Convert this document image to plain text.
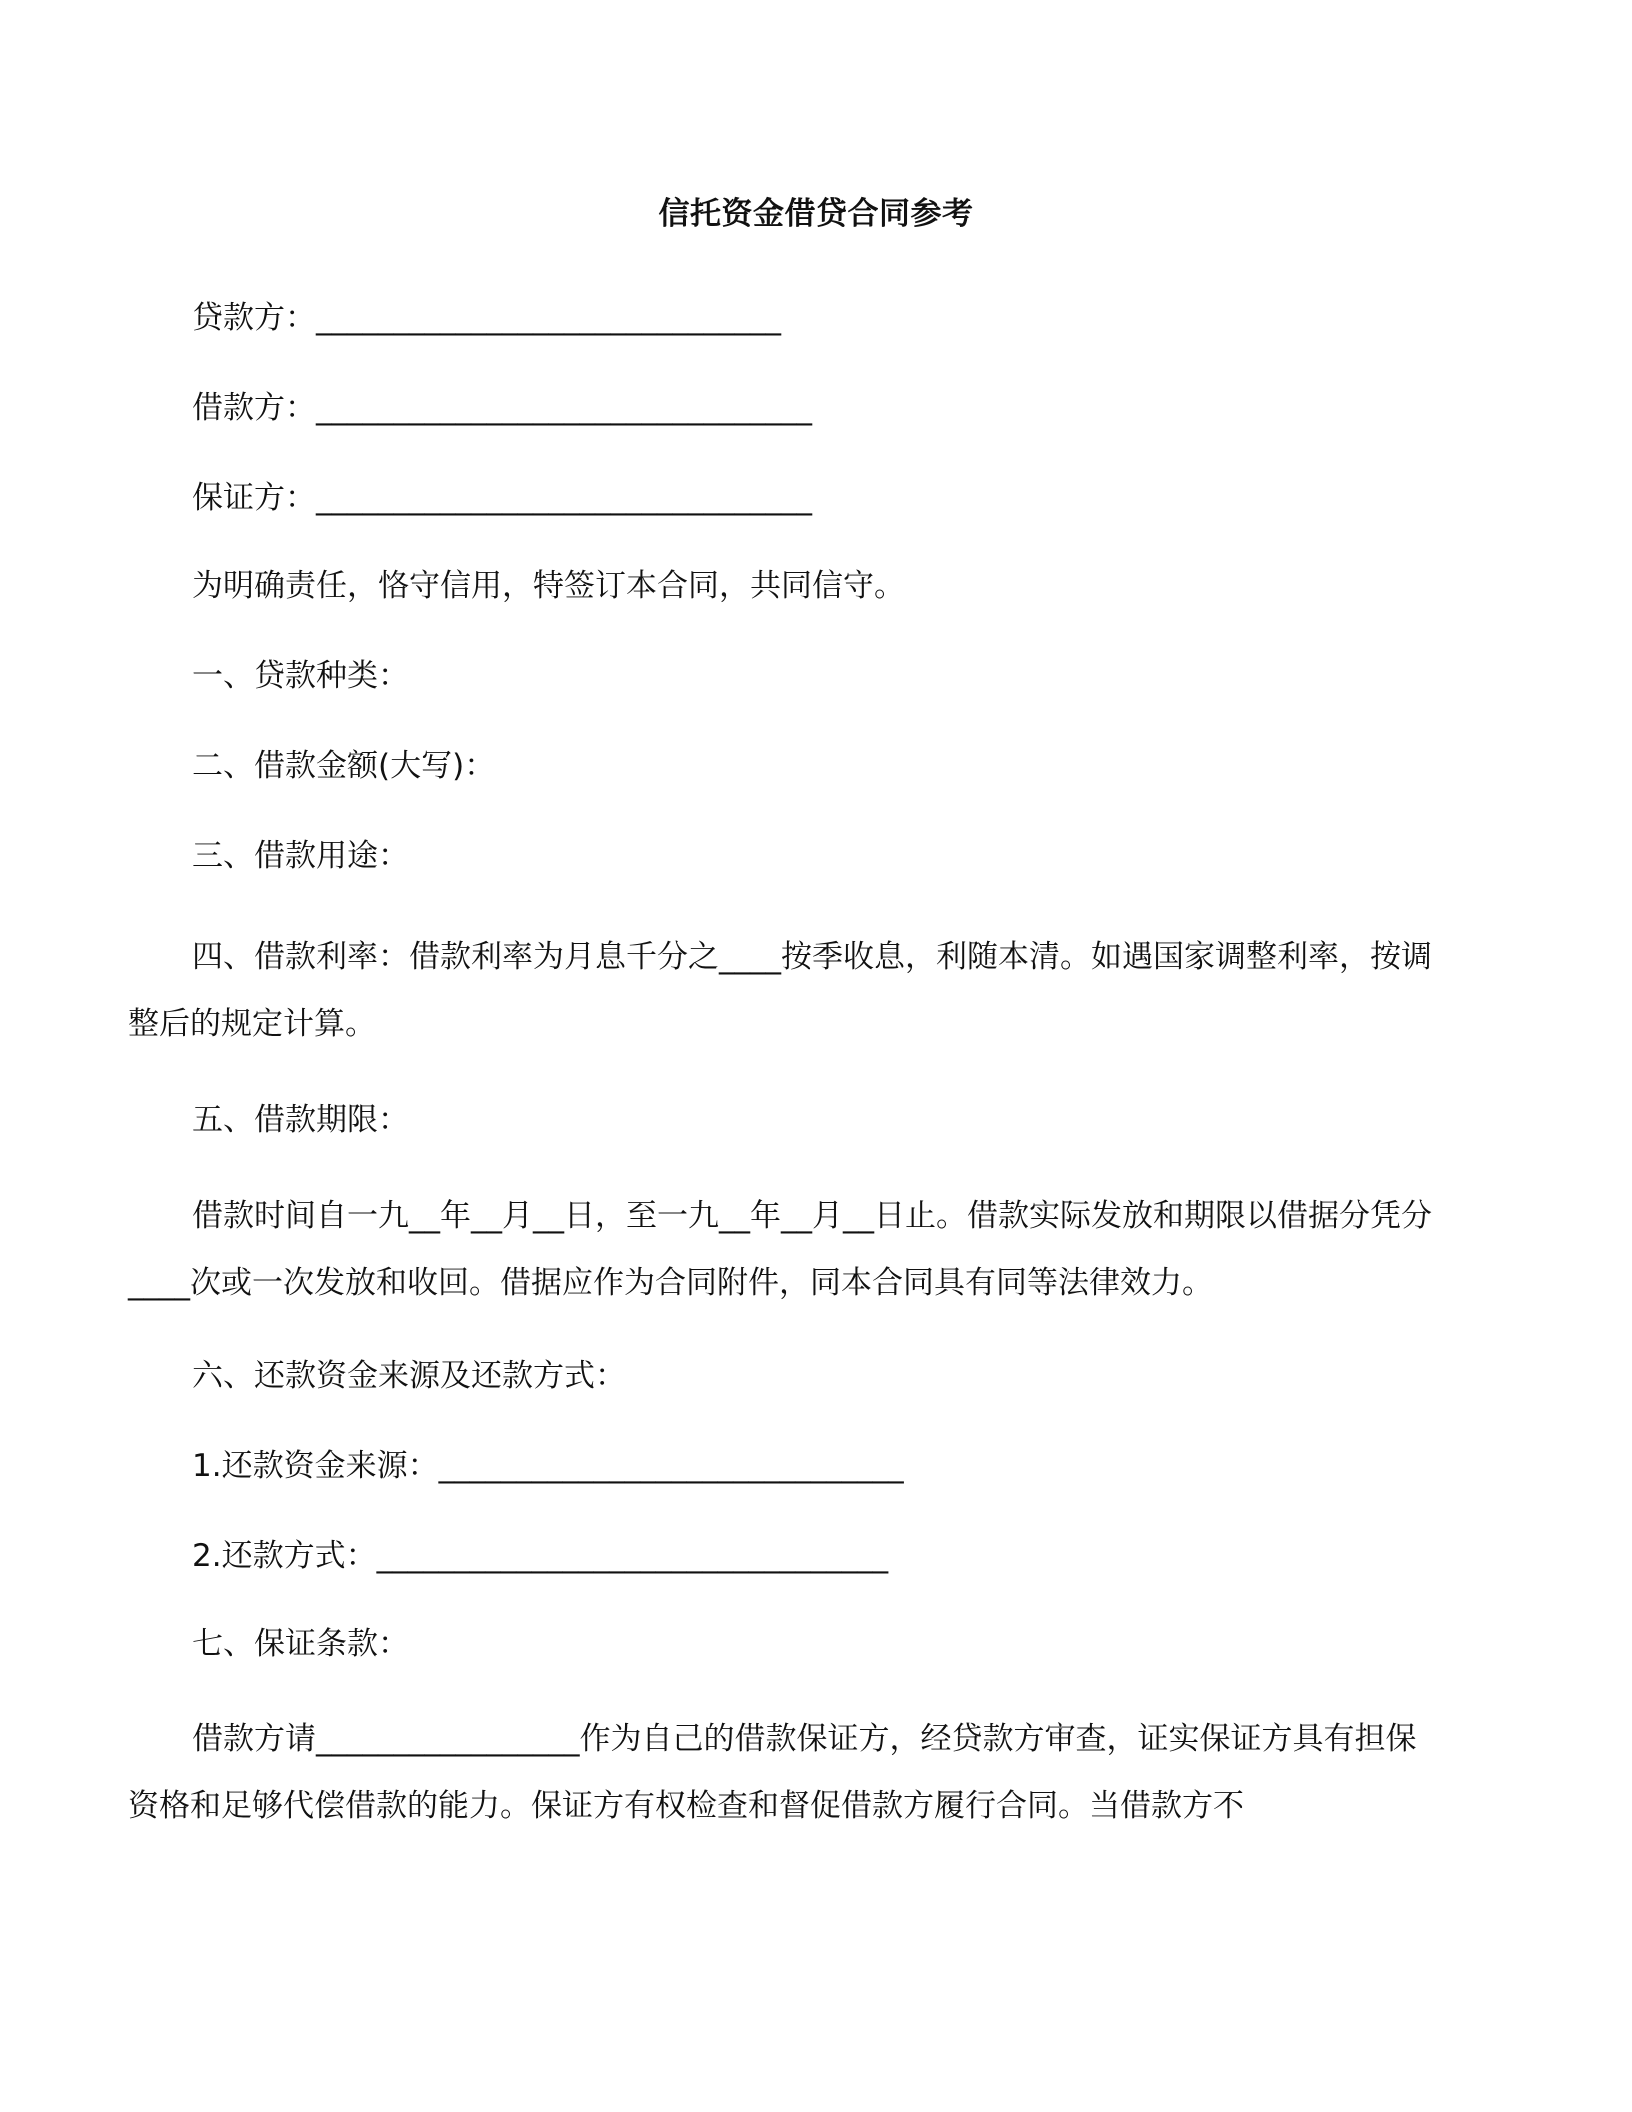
信托资金借贷合同参考
贷款方：______________________________
借款方：________________________________
保证方：________________________________
为明确责任，恪守信用，特签订本合同，共同信守。
一、贷款种类：
二、借款金额(大写)：
三、借款用途：
四、借款利率：借款利率为月息千分之____按季收息，利随本清。如遇国家调整利率，按调整后的规定计算。
五、借款期限：
借款时间自一九__年__月__日，至一九__年__月__日止。借款实际发放和期限以借据分凭分____次或一次发放和收回。借据应作为合同附件，同本合同具有同等法律效力。
六、还款资金来源及还款方式：
1.还款资金来源：______________________________
2.还款方式：_________________________________
七、保证条款：
借款方请_________________作为自己的借款保证方，经贷款方审查，证实保证方具有担保资格和足够代偿借款的能力。保证方有权检查和督促借款方履行合同。当借款方不
